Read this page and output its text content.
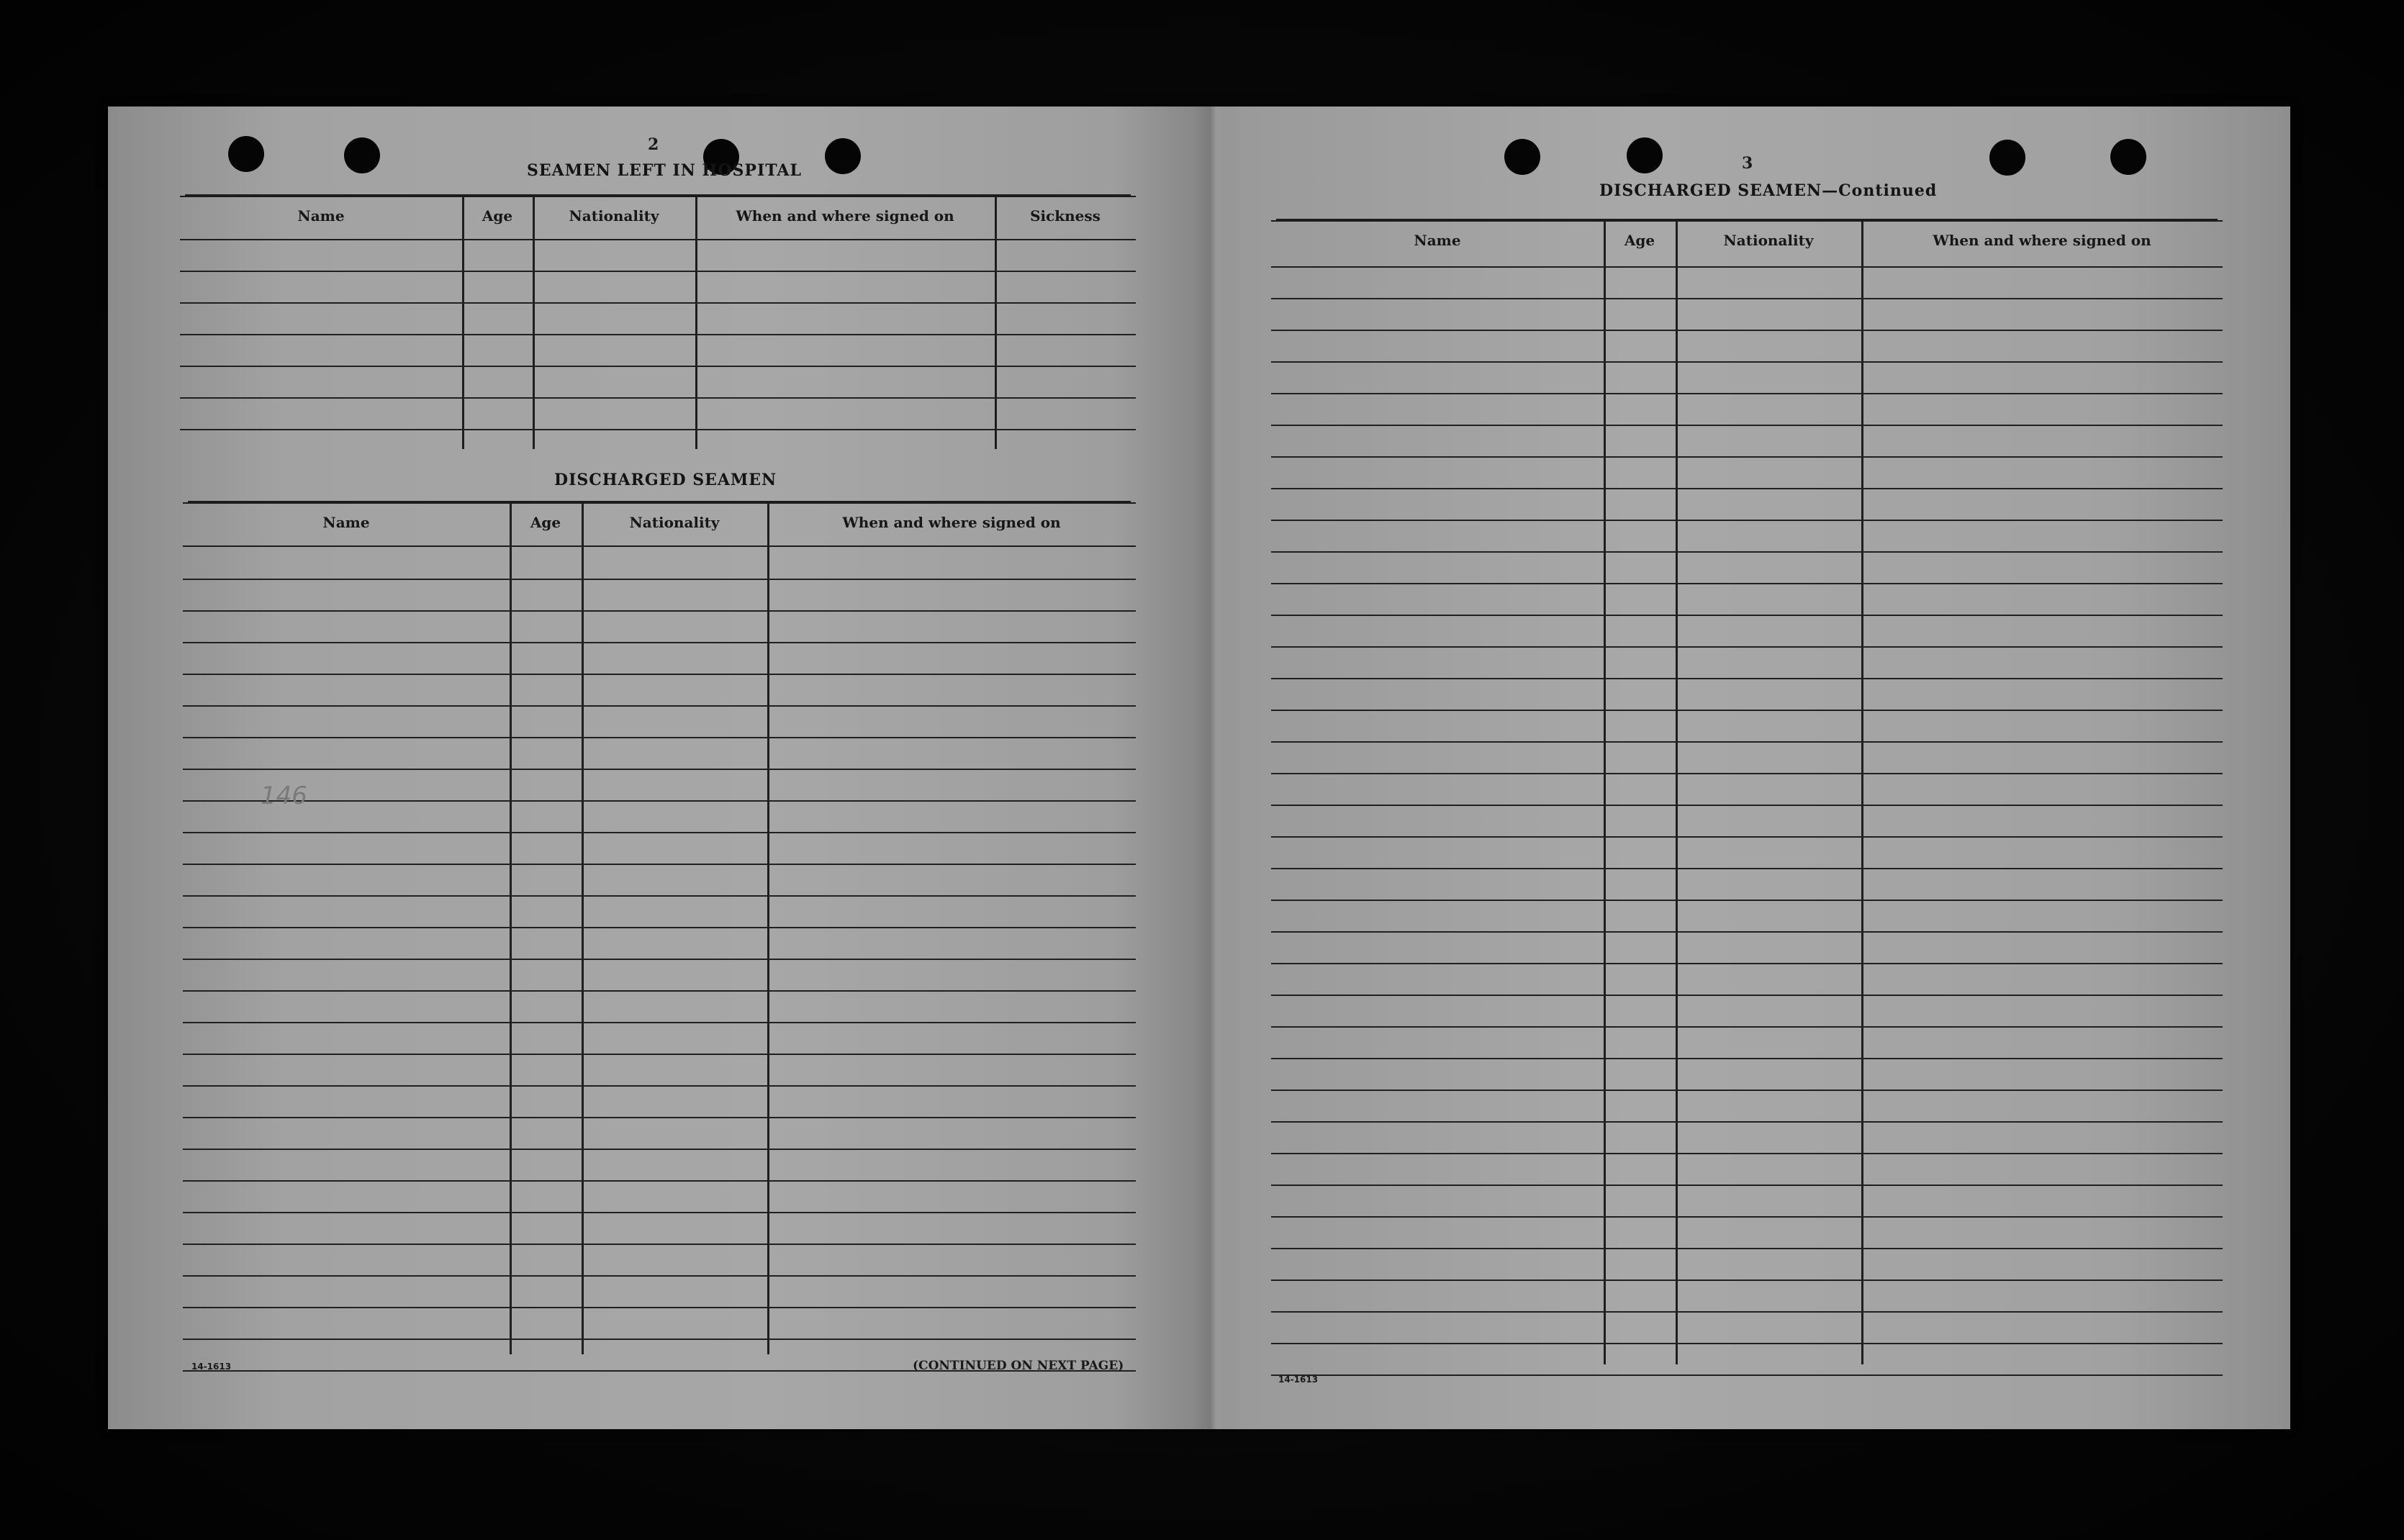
2
SEAMEN LEFT IN HOSPITAL
Name	Age	Nationality	When and where signed on	Sickness
DISCHARGED SEAMEN
Name	Age	Nationality	When and where signed on
14-1613	(CONTINUED ON NEXT PAGE)
146
3
DISCHARGED SEAMEN—Continued
Name	Age	Nationality	When and where signed on
14-1613
